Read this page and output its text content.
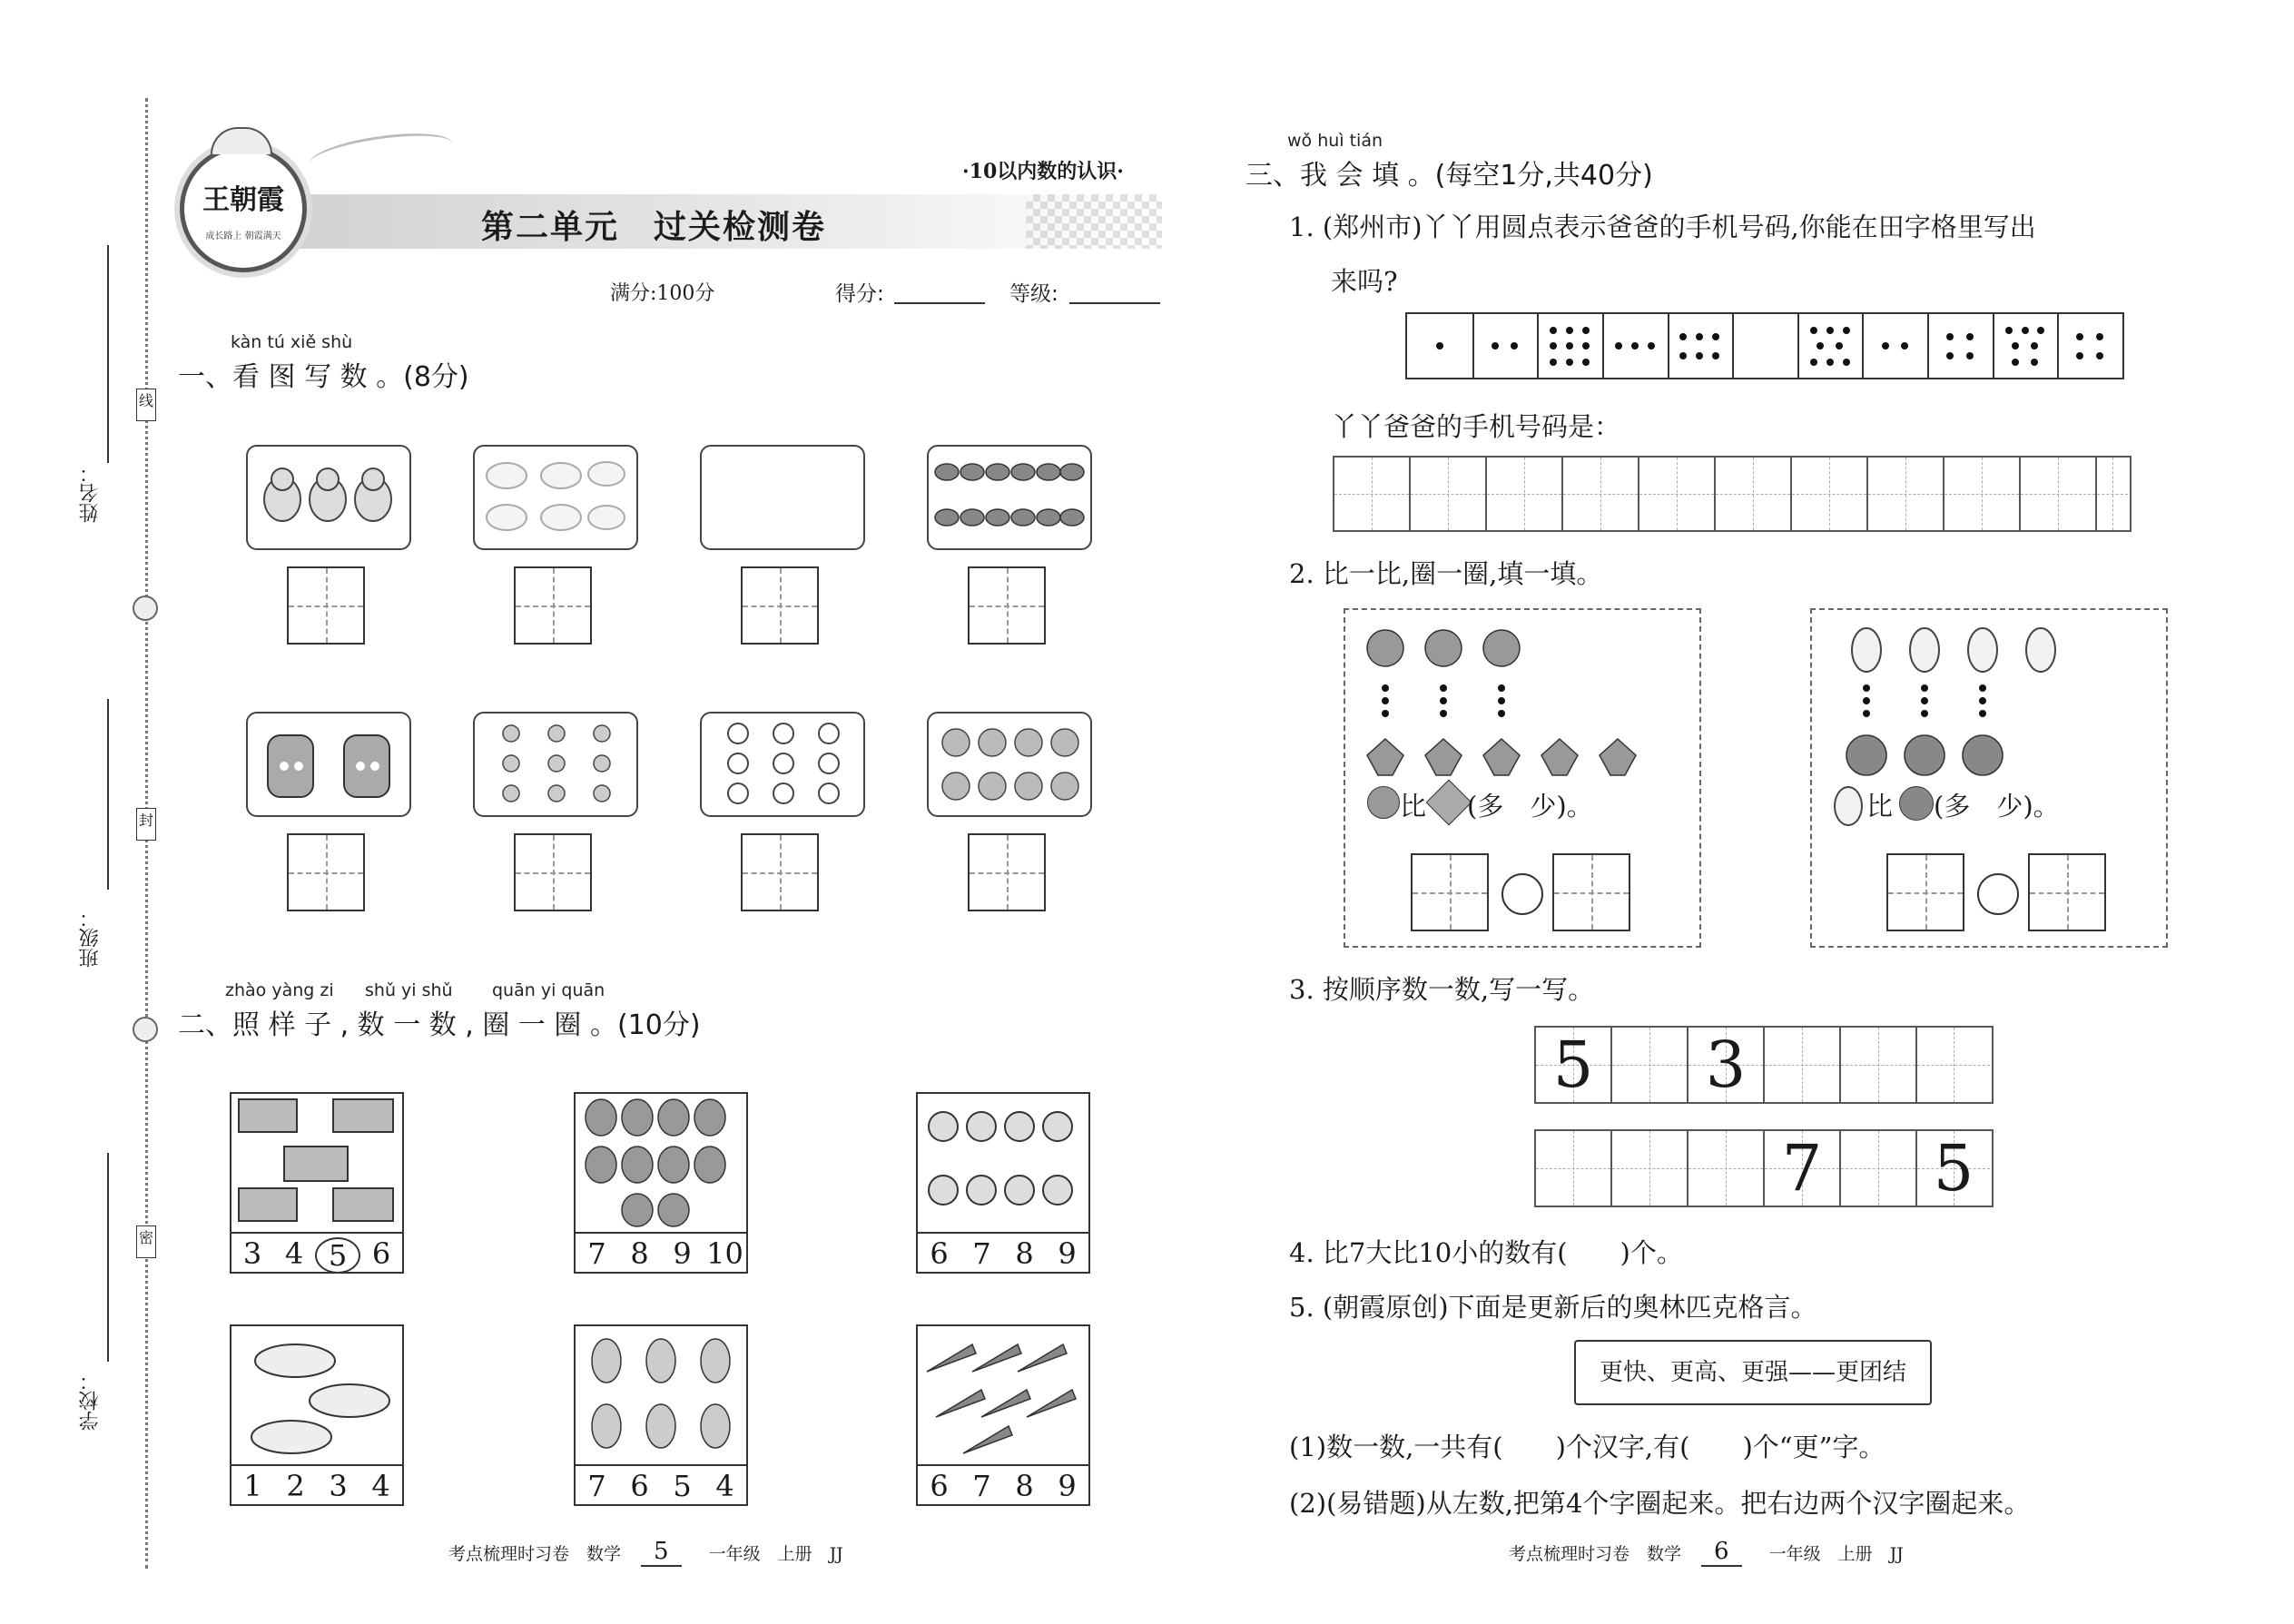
姓名：
班级：
学校：
线
封
密
王朝霞
成长路上 朝霞满天
·10以内数的认识·
第二单元　过关检测卷
满分:100分	得分:	等级:
kàn tú xiě shù
一、看 图 写 数 。(8分)
zhào yàng zi shǔ yi shǔ quān yi quān
二、照 样 子 , 数 一 数 , 圈 一 圈 。(10分)
3 4 5 6	7 8 9 10	6 7 8 9
1 2 3 4	7 6 5 4	6 7 8 9
考点梳理时习卷　数学	5	一年级　上册　JJ
wǒ huì tián
三、我 会 填 。(每空1分,共40分)
1. (郑州市)丫丫用圆点表示爸爸的手机号码,你能在田字格里写出
来吗?
丫丫爸爸的手机号码是：
2. 比一比,圈一圈,填一填。
比 (多　少)。	比 (多　少)。
3. 按顺序数一数,写一写。
5 3
7 5
4. 比7大比10小的数有(　　)个。
5. (朝霞原创)下面是更新后的奥林匹克格言。
更快、更高、更强——更团结
(1)数一数,一共有(　　)个汉字,有(　　)个“更”字。
(2)(易错题)从左数,把第4个字圈起来。把右边两个汉字圈起来。
考点梳理时习卷　数学	6	一年级　上册　JJ
